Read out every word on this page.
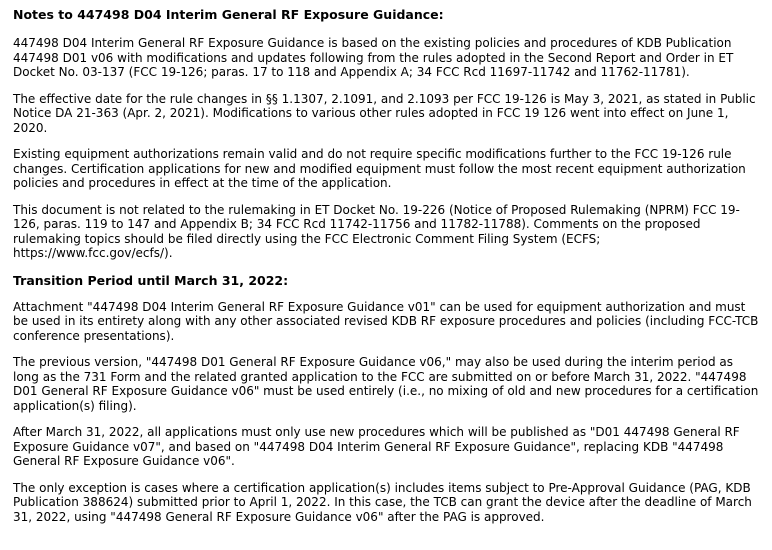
Notes to 447498 D04 Interim General RF Exposure Guidance:

447498 D04 Interim General RF Exposure Guidance is based on the existing policies and procedures of KDB Publication 447498 D01 v06 with modifications and updates following from the rules adopted in the Second Report and Order in ET Docket No. 03-137 (FCC 19-126; paras. 17 to 118 and Appendix A; 34 FCC Rcd 11697-11742 and 11762-11781).

The effective date for the rule changes in §§ 1.1307, 2.1091, and 2.1093 per FCC 19-126 is May 3, 2021, as stated in Public Notice DA 21-363 (Apr. 2, 2021). Modifications to various other rules adopted in FCC 19 126 went into effect on June 1, 2020.

Existing equipment authorizations remain valid and do not require specific modifications further to the FCC 19-126 rule changes. Certification applications for new and modified equipment must follow the most recent equipment authorization policies and procedures in effect at the time of the application.

This document is not related to the rulemaking in ET Docket No. 19-226 (Notice of Proposed Rulemaking (NPRM) FCC 19-126, paras. 119 to 147 and Appendix B; 34 FCC Rcd 11742-11756 and 11782-11788). Comments on the proposed rulemaking topics should be filed directly using the FCC Electronic Comment Filing System (ECFS; https://www.fcc.gov/ecfs/).

Transition Period until March 31, 2022:

Attachment "447498 D04 Interim General RF Exposure Guidance v01" can be used for equipment authorization and must be used in its entirety along with any other associated revised KDB RF exposure procedures and policies (including FCC-TCB conference presentations).

The previous version, "447498 D01 General RF Exposure Guidance v06," may also be used during the interim period as long as the 731 Form and the related granted application to the FCC are submitted on or before March 31, 2022. "447498 D01 General RF Exposure Guidance v06" must be used entirely (i.e., no mixing of old and new procedures for a certification application(s) filing).

After March 31, 2022, all applications must only use new procedures which will be published as "D01 447498 General RF Exposure Guidance v07", and based on "447498 D04 Interim General RF Exposure Guidance", replacing KDB "447498 General RF Exposure Guidance v06".

The only exception is cases where a certification application(s) includes items subject to Pre-Approval Guidance (PAG, KDB Publication 388624) submitted prior to April 1, 2022. In this case, the TCB can grant the device after the deadline of March 31, 2022, using "447498 General RF Exposure Guidance v06" after the PAG is approved.
